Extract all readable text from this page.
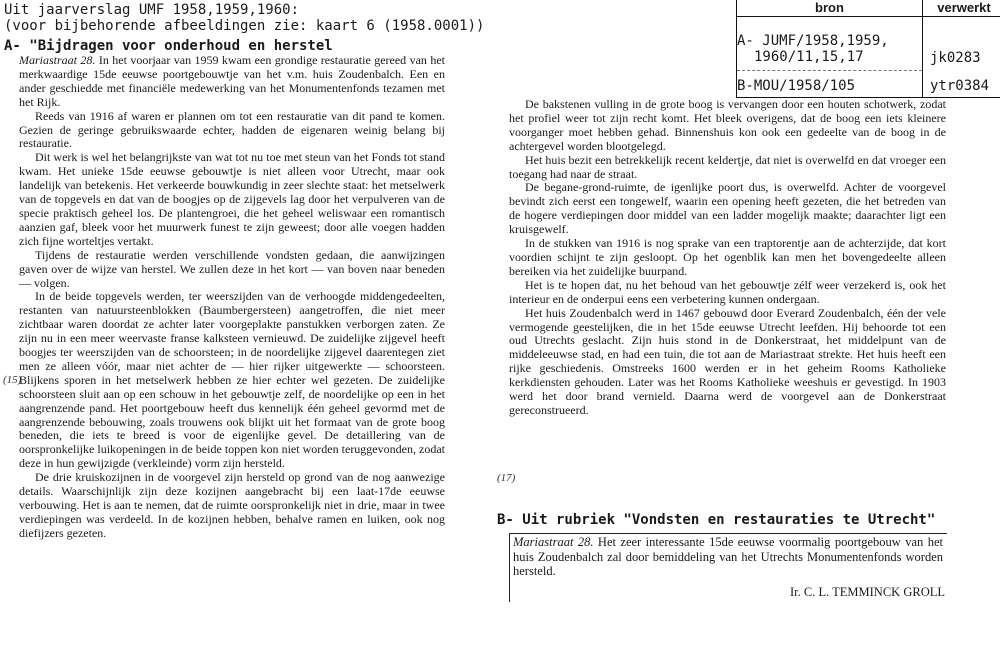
Uit jaarverslag UMF 1958,1959,1960:
(voor bijbehorende afbeeldingen zie: kaart 6 (1958.0001))
bron	verwerkt
A- JUMF/1958,1959,
1960/11,15,17	jk0283
B-MOU/1958/105	ytr0384
A- "Bijdragen voor onderhoud en herstel

Mariastraat 28. In het voorjaar van 1959 kwam een grondige restauratie gereed van het merkwaardige 15de eeuwse poortgebouwtje van het v.m. huis Zoudenbalch. Een en ander geschiedde met financiële medewerking van het Monumentenfonds tezamen met het Rijk.

Reeds van 1916 af waren er plannen om tot een restauratie van dit pand te komen. Gezien de geringe gebruikswaarde echter, hadden de eigenaren weinig belang bij restauratie.

Dit werk is wel het belangrijkste van wat tot nu toe met steun van het Fonds tot stand kwam. Het unieke 15de eeuwse gebouwtje is niet alleen voor Utrecht, maar ook landelijk van betekenis. Het verkeerde bouwkundig in zeer slechte staat: het metselwerk van de topgevels en dat van de boogjes op de zijgevels lag door het verpulveren van de specie praktisch geheel los. De plantengroei, die het geheel weliswaar een romantisch aanzien gaf, bleek voor het muurwerk funest te zijn geweest; door alle voegen hadden zich fijne worteltjes vertakt.

Tijdens de restauratie werden verschillende vondsten gedaan, die aanwijzingen gaven over de wijze van herstel. We zullen deze in het kort — van boven naar beneden — volgen.

In de beide topgevels werden, ter weerszijden van de verhoogde middengedeelten, restanten van natuursteenblokken (Baumbergersteen) aangetroffen, die niet meer zichtbaar waren doordat ze achter later voorgeplakte panstukken verborgen zaten. Ze zijn nu in een meer weervaste franse kalksteen vernieuwd. De zuidelijke zijgevel heeft boogjes ter weerszijden van de schoorsteen; in de noordelijke zijgevel daarentegen ziet men ze alleen vóór, maar niet achter de — hier rijker uitgewerkte — schoorsteen. Blijkens sporen in het metselwerk hebben ze hier echter wel gezeten. De zuidelijke schoorsteen sluit aan op een schouw in het gebouwtje zelf, de noordelijke op een in het aangrenzende pand. Het poortgebouw heeft dus kennelijk één geheel gevormd met de aangrenzende bebouwing, zoals trouwens ook blijkt uit het formaat van de grote boog beneden, die iets te breed is voor de eigenlijke gevel. De detaillering van de oorspronkelijke luikopeningen in de beide toppen kon niet worden teruggevonden, zodat deze in hun gewijzigde (verkleinde) vorm zijn hersteld.

De drie kruiskozijnen in de voorgevel zijn hersteld op grond van de nog aanwezige details. Waarschijnlijk zijn deze kozijnen aangebracht bij een laat-17de eeuwse verbouwing. Het is aan te nemen, dat de ruimte oorspronkelijk niet in drie, maar in twee verdiepingen was verdeeld. In de kozijnen hebben, behalve ramen en luiken, ook nog diefijzers gezeten.

(15)

De bakstenen vulling in de grote boog is vervangen door een houten schotwerk, zodat het profiel weer tot zijn recht komt. Het bleek overigens, dat de boog een iets kleinere voorganger moet hebben gehad. Binnenshuis kon ook een gedeelte van de boog in de achtergevel worden blootgelegd.

Het huis bezit een betrekkelijk recent kelderțje, dat niet is overwelfd en dat vroeger een toegang had naar de straat.

De begane-grond-ruimte, de igenlijke poort dus, is overwelfd. Achter de voorgevel bevindt zich eerst een tongewelf, waarin een opening heeft gezeten, die het betreden van de hogere verdiepingen door middel van een ladder mogelijk maakte; daarachter ligt een kruisgewelf.

In de stukken van 1916 is nog sprake van een traptorentje aan de achterzijde, dat kort voordien schijnt te zijn gesloopt. Op het ogenblik kan men het bovengedeelte alleen bereiken via het zuidelijke buurpand.

Het is te hopen dat, nu het behoud van het gebouwtje zélf weer verzekerd is, ook het interieur en de onderpui eens een verbetering kunnen ondergaan.

Het huis Zoudenbalch werd in 1467 gebouwd door Everard Zoudenbalch, één der vele vermogende geestelijken, die in het 15de eeuwse Utrecht leefden. Hij behoorde tot een oud Utrechts geslacht. Zijn huis stond in de Donkerstraat, het middelpunt van de middeleeuwse stad, en had een tuin, die tot aan de Mariastraat strekte. Het huis heeft een rijke geschiedenis. Omstreeks 1600 werden er in het geheim Rooms Katholieke kerkdiensten gehouden. Later was het Rooms Katholieke weeshuis er gevestigd. In 1903 werd het door brand vernield. Daarna werd de voorgevel aan de Donkerstraat gereconstrueerd.

(17)
B- Uit rubriek "Vondsten en restauraties te Utrecht"

Mariastraat 28. Het zeer interessante 15de eeuwse voormalig poortgebouw van het huis Zoudenbalch zal door bemiddeling van het Utrechts Monumentenfonds worden hersteld.

Ir. C. L. TEMMINCK GROLL
